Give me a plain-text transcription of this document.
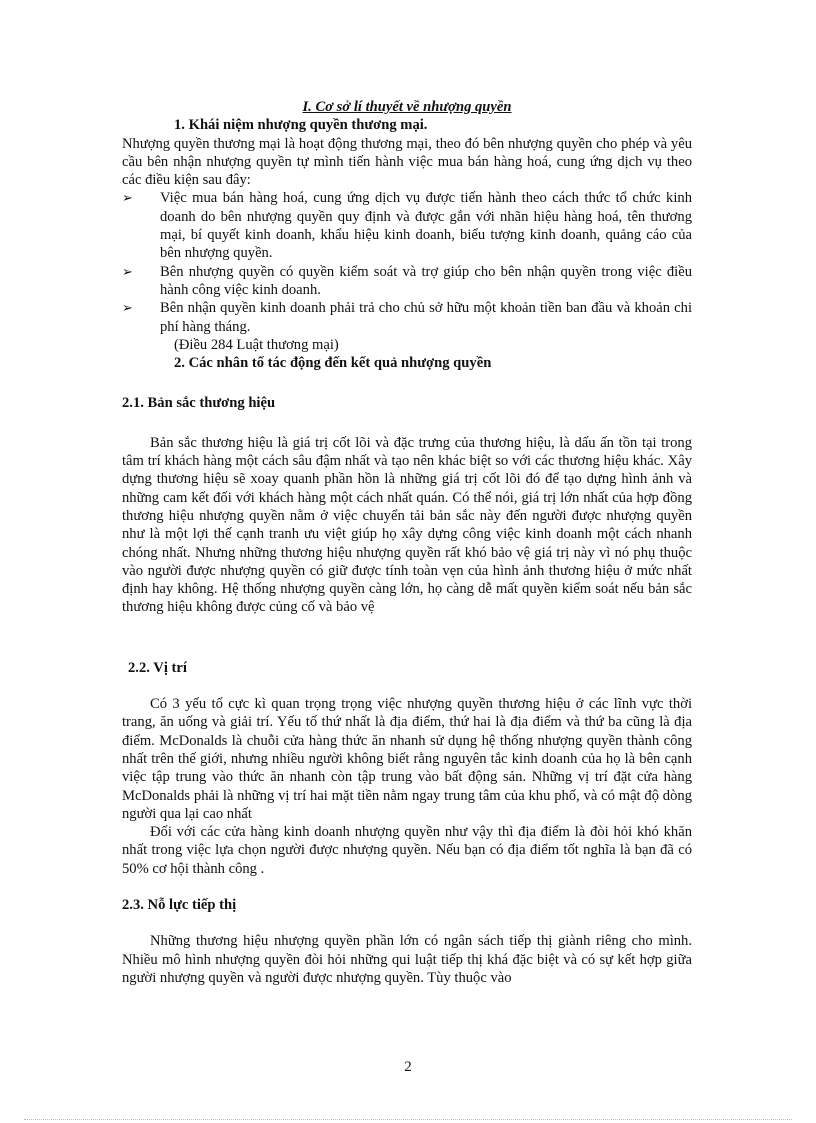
I. Cơ sở lí thuyết về nhượng quyền

1. Khái niệm nhượng quyền thương mại.

Nhượng quyền thương mại là hoạt động thương mại, theo đó bên nhượng quyền cho phép và yêu cầu bên nhận nhượng quyền tự mình tiến hành việc mua bán hàng hoá, cung ứng dịch vụ theo các điều kiện sau đây:

➢ Việc mua bán hàng hoá, cung ứng dịch vụ được tiến hành theo cách thức tổ chức kinh doanh do bên nhượng quyền quy định và được gắn với nhãn hiệu hàng hoá, tên thương mại, bí quyết kinh doanh, khẩu hiệu kinh doanh, biểu tượng kinh doanh, quảng cáo của bên nhượng quyền.
➢ Bên nhượng quyền có quyền kiểm soát và trợ giúp cho bên nhận quyền trong việc điều hành công việc kinh doanh.
➢ Bên nhận quyền kinh doanh phải trả cho chủ sở hữu một khoản tiền ban đầu và khoản chi phí hàng tháng.

(Điều 284 Luật thương mại)

2. Các nhân tố tác động đến kết quả nhượng quyền

2.1. Bản sắc thương hiệu

Bản sắc thương hiệu là giá trị cốt lõi và đặc trưng của thương hiệu, là dấu ấn tồn tại trong tâm trí khách hàng một cách sâu đậm nhất và tạo nên khác biệt so với các thương hiệu khác. Xây dựng thương hiệu sẽ xoay quanh phần hồn là những giá trị cốt lõi đó để tạo dựng hình ảnh và những cam kết đối với khách hàng một cách nhất quán. Có thể nói, giá trị lớn nhất của hợp đồng thương hiệu nhượng quyền nằm ở việc chuyển tải bản sắc này đến người được nhượng quyền như là một lợi thế cạnh tranh ưu việt giúp họ xây dựng công việc kinh doanh một cách nhanh chóng nhất. Nhưng những thương hiệu nhượng quyền rất khó bảo vệ giá trị này vì nó phụ thuộc vào người được nhượng quyền có giữ được tính toàn vẹn của hình ảnh thương hiệu ở mức nhất định hay không. Hệ thống nhượng quyền càng lớn, họ càng dễ mất quyền kiểm soát nếu bản sắc thương hiệu không được củng cố và bảo vệ

2.2. Vị trí

Có 3 yếu tố cực kì quan trọng trọng việc nhượng quyền thương hiệu ở các lĩnh vực thời trang, ăn uống và giải trí. Yếu tố thứ nhất là địa điểm, thứ hai là địa điểm và thứ ba cũng là địa điểm. McDonalds là chuỗi cửa hàng thức ăn nhanh sử dụng hệ thống nhượng quyền thành công nhất trên thế giới, nhưng nhiều người không biết rằng nguyên tắc kinh doanh của họ là bên cạnh việc tập trung vào thức ăn nhanh còn tập trung vào bất động sản. Những vị trí đặt cửa hàng McDonalds phải là những vị trí hai mặt tiền nằm ngay trung tâm của khu phố, và có mật độ dòng người qua lại cao nhất

Đối với các cửa hàng kinh doanh nhượng quyền như vậy thì địa điểm là đòi hỏi khó khăn nhất trong việc lựa chọn người được nhượng quyền. Nếu bạn có địa điểm tốt nghĩa là bạn đã có 50% cơ hội thành công .

2.3. Nỗ lực tiếp thị

Những thương hiệu nhượng quyền phần lớn có ngân sách tiếp thị giành riêng cho mình. Nhiều mô hình nhượng quyền đòi hỏi những qui luật tiếp thị khá đặc biệt và có sự kết hợp giữa người nhượng quyền và người được nhượng quyền. Tùy thuộc vào

2
